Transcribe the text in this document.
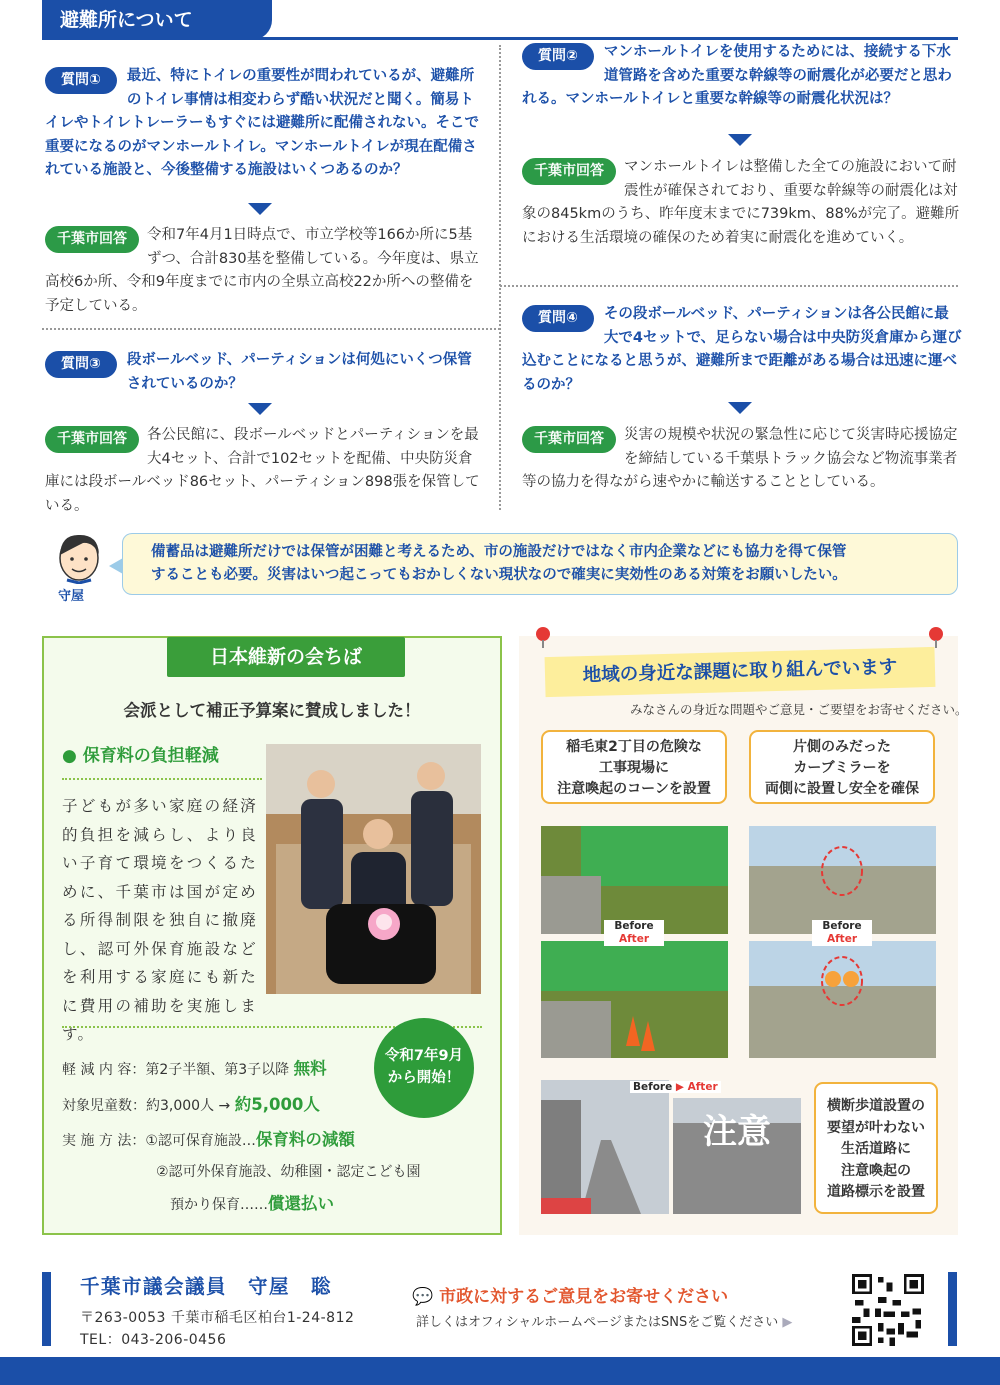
避難所について
質問①	最近、特にトイレの重要性が問われているが、避難所のトイレ事情は相変わらず酷い状況だと聞く。簡易トイレやトイレトレーラーもすぐには避難所に配備されない。そこで重要になるのがマンホールトイレ。マンホールトイレが現在配備されている施設と、今後整備する施設はいくつあるのか？
千葉市回答	令和7年4月1日時点で、市立学校等166か所に5基ずつ、合計830基を整備している。今年度は、県立高校6か所、令和9年度までに市内の全県立高校22か所への整備を予定している。
質問②	マンホールトイレを使用するためには、接続する下水道管路を含めた重要な幹線等の耐震化が必要だと思われる。マンホールトイレと重要な幹線等の耐震化状況は？
千葉市回答	マンホールトイレは整備した全ての施設において耐震性が確保されており、重要な幹線等の耐震化は対象の845kmのうち、昨年度末までに739km、88%が完了。避難所における生活環境の確保のため着実に耐震化を進めていく。
質問③	段ボールベッド、パーティションは何処にいくつ保管されているのか？
千葉市回答	各公民館に、段ボールベッドとパーティションを最大4セット、合計で102セットを配備、中央防災倉庫には段ボールベッド86セット、パーティション898張を保管している。
質問④	その段ボールベッド、パーティションは各公民館に最大で4セットで、足らない場合は中央防災倉庫から運び込むことになると思うが、避難所まで距離がある場合は迅速に運べるのか？
千葉市回答	災害の規模や状況の緊急性に応じて災害時応援協定を締結している千葉県トラック協会など物流事業者等の協力を得ながら速やかに輸送することとしている。
守屋
備蓄品は避難所だけでは保管が困難と考えるため、市の施設だけではなく市内企業などにも協力を得て保管
することも必要。災害はいつ起こってもおかしくない現状なので確実に実効性のある対策をお願いしたい。
日本維新の会ちば
会派として補正予算案に賛成しました！
● 保育料の負担軽減
子どもが多い家庭の経済的負担を減らし、より良い子育て環境をつくるために、千葉市は国が定める所得制限を独自に撤廃し、認可外保育施設などを利用する家庭にも新たに費用の補助を実施します。
令和7年9月
から開始！
軽 減 内 容：第2子半額、第3子以降 無料
対象児童数：約3,000人 → 約5,000人
実 施 方 法：①認可保育施設…保育料の減額
②認可外保育施設、幼稚園・認定こども園
預かり保育……償還払い
地域の身近な課題に取り組んでいます
みなさんの身近な問題やご意見・ご要望をお寄せください。
稲毛東2丁目の危険な
工事現場に
注意喚起のコーンを設置
片側のみだった
カーブミラーを
両側に設置し安全を確保
Before
After
Before
After
注意
Before ▶ After
横断歩道設置の
要望が叶わない
生活道路に
注意喚起の
道路標示を設置
千葉市議会議員　守屋　聡
〒263-0053 千葉市稲毛区柏台1-24-812
TEL：043-206-0456
💬 市政に対するご意見をお寄せください
詳しくはオフィシャルホームページまたはSNSをご覧ください ▶
